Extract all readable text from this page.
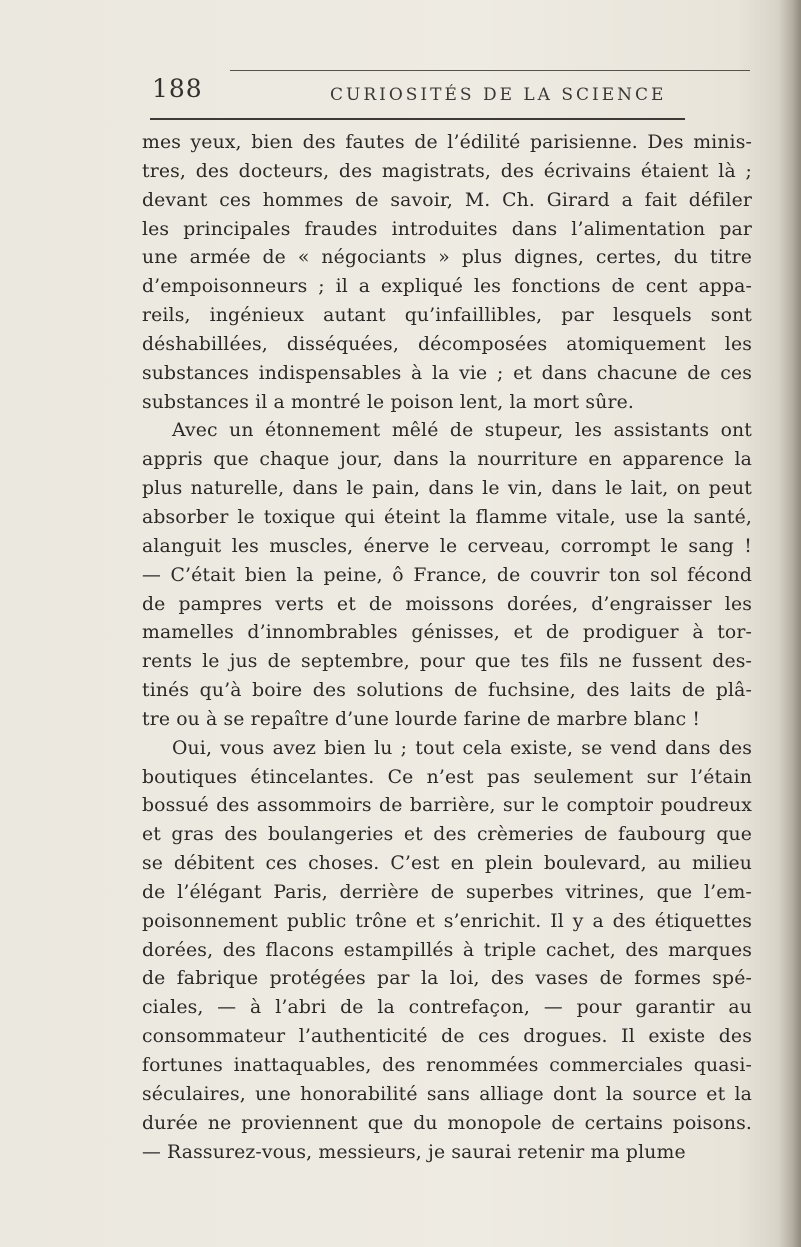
188	CURIOSITÉS DE LA SCIENCE
mes yeux, bien des fautes de l’édilité parisienne. Des minis-
tres, des docteurs, des magistrats, des écrivains étaient là ;
devant ces hommes de savoir, M. Ch. Girard a fait défiler
les principales fraudes introduites dans l’alimentation par
une armée de « négociants » plus dignes, certes, du titre
d’empoisonneurs ; il a expliqué les fonctions de cent appa-
reils, ingénieux autant qu’infaillibles, par lesquels sont
déshabillées, disséquées, décomposées atomiquement les
substances indispensables à la vie ; et dans chacune de ces
substances il a montré le poison lent, la mort sûre.
Avec un étonnement mêlé de stupeur, les assistants ont
appris que chaque jour, dans la nourriture en apparence la
plus naturelle, dans le pain, dans le vin, dans le lait, on peut
absorber le toxique qui éteint la flamme vitale, use la santé,
alanguit les muscles, énerve le cerveau, corrompt le sang !
— C’était bien la peine, ô France, de couvrir ton sol fécond
de pampres verts et de moissons dorées, d’engraisser les
mamelles d’innombrables génisses, et de prodiguer à tor-
rents le jus de septembre, pour que tes fils ne fussent des-
tinés qu’à boire des solutions de fuchsine, des laits de plâ-
tre ou à se repaître d’une lourde farine de marbre blanc !
Oui, vous avez bien lu ; tout cela existe, se vend dans des
boutiques étincelantes. Ce n’est pas seulement sur l’étain
bossué des assommoirs de barrière, sur le comptoir poudreux
et gras des boulangeries et des crèmeries de faubourg que
se débitent ces choses. C’est en plein boulevard, au milieu
de l’élégant Paris, derrière de superbes vitrines, que l’em-
poisonnement public trône et s’enrichit. Il y a des étiquettes
dorées, des flacons estampillés à triple cachet, des marques
de fabrique protégées par la loi, des vases de formes spé-
ciales, — à l’abri de la contrefaçon, — pour garantir au
consommateur l’authenticité de ces drogues. Il existe des
fortunes inattaquables, des renommées commerciales quasi-
séculaires, une honorabilité sans alliage dont la source et la
durée ne proviennent que du monopole de certains poisons.
— Rassurez-vous, messieurs, je saurai retenir ma plume
